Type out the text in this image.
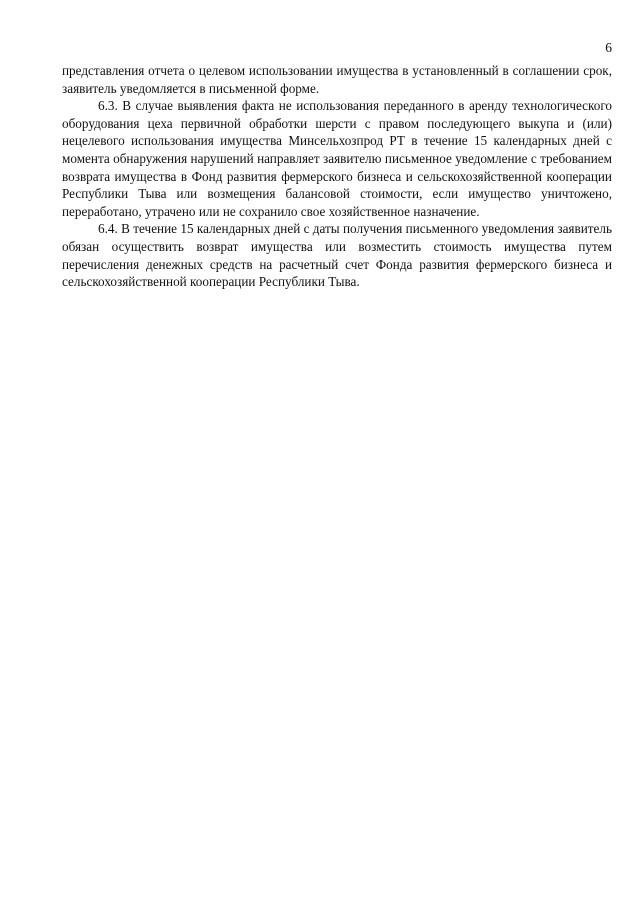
6

представления отчета о целевом использовании имущества в установленный в соглашении срок, заявитель уведомляется в письменной форме.

6.3. В случае выявления факта не использования переданного в аренду технологического оборудования цеха первичной обработки шерсти с правом последующего выкупа и (или) нецелевого использования имущества Минсельхозпрод РТ в течение 15 календарных дней с момента обнаружения нарушений направляет заявителю письменное уведомление с требованием возврата имущества в Фонд развития фермерского бизнеса и сельскохозяйственной кооперации Республики Тыва или возмещения балансовой стоимости, если имущество уничтожено, переработано, утрачено или не сохранило свое хозяйственное назначение.

6.4. В течение 15 календарных дней с даты получения письменного уведомления заявитель обязан осуществить возврат имущества или возместить стоимость имущества путем перечисления денежных средств на расчетный счет Фонда развития фермерского бизнеса и сельскохозяйственной кооперации Республики Тыва.
